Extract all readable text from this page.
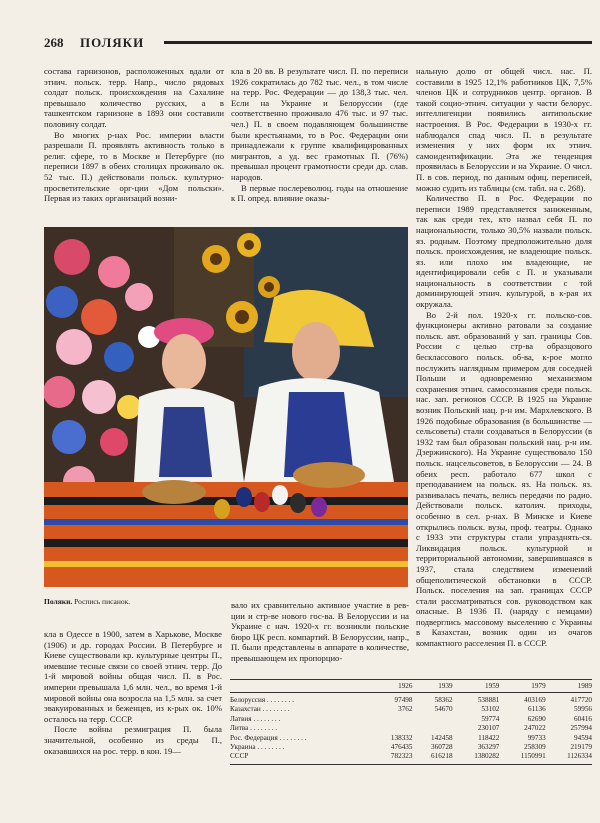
268 ПОЛЯКИ

состава гарнизонов, расположенных вдали от этнич. польск. терр. Напр., число рядовых солдат польск. происхождения на Сахалине превышало количество русских, а в ташкентском гарнизоне в 1893 они составили половину солдат.

Во многих р-нах Рос. империи власти разрешали П. проявлять активность только в религ. сфере, то в Москве и Петербурге (по переписи 1897 в обеих столицах проживало ок. 52 тыс. П.) действовали польск. культурно-просветительские орг-ции «Дом польски». Первая из таких организаций возни-

кла в 20 вв. В результате числ. П. по переписи 1926 сократилась до 782 тыс. чел., в том числе на терр. Рос. Федерации — до 138,3 тыс. чел. Если на Украине и Белоруссии (где соответственно проживало 476 тыс. и 97 тыс. чел.) П. в своем подавляющем большинстве были крестьянами, то в Рос. Федерации они принадлежали к группе квалифицированных мигрантов, а уд. вес грамотных П. (76%) превышал процент грамотности среди др. слав. народов.

В первые послереволюц. годы на отношение к П. опред. влияние оказы-

нальную долю от общей числ. нас. П. составили в 1925 12,1% работников ЦК, 7,5% членов ЦК и сотрудников центр. органов. В такой социо-этнич. ситуации у части белорус. интеллигенции появились антипольские настроения. В Рос. Федерации в 1930-х гг. наблюдался спад числ. П. в результате изменения у них форм их этнич. самоидентификации. Эта же тенденция проявилась в Белоруссии и на Украине. О числ. П. в сов. период, по данным офиц. переписей, можно судить из таблицы (см. табл. на с. 268).

Количество П. в Рос. Федерации по переписи 1989 представляется заниженным, так как среди тех, кто назвал себя П. по национальности, только 30,5% назвали польск. яз. родным. Поэтому предположительно доля польск. происхождения, не владеющие польск. яз. или плохо им владеющие, не идентифицировали себя с П. и указывали национальность в соответствии с той доминирующей этнич. культурой, в к-рая их окружала.

Во 2-й пол. 1920-х гг. польско-сов. функционеры активно ратовали за создание польск. авт. образований у зап. границы Сов. России с целью стр-ва образцового бесклассового польск. об-ва, к-рое могло послужить наглядным примером для соседней Польши и одновременно механизмом сохранения этнич. самосознания среди польск. нас. зап. регионов СССР. В 1925 на Украине возник Польский нац. р-н им. Мархлевского. В 1926 подобные образования (в большинстве — сельсоветы) стали создаваться в Белоруссии (в 1932 там был образован польский нац. р-н им. Дзержинского). На Украине существовало 150 польск. нацсельсоветов, в Белоруссии — 24. В обеих респ. работало 677 школ с преподаванием на польск. яз. На польск. яз. развивалась печать, велись передачи по радио. Действовали польск. католич. приходы, особенно в сел. р-нах. В Минске и Киеве открылись польск. вузы, проф. театры. Однако с 1933 эти структуры стали упразднять-ся. Ликвидация польск. культурной и территориальной автономии, завершившаяся в 1937, стала следствием изменений общеполитической обстановки в СССР. Польск. поселения на зап. границах СССР стали рассматриваться сов. руководством как опасные. В 1936 П. (наряду с немцами) подверглись массовому выселению с Украины в Казахстан, возник один из очагов компактного расселения П. в СССР.

Поляки. Роспись писанок.

кла в Одессе в 1900, затем в Харькове, Москве (1906) и др. городах России. В Петербурге и Киеве существовали кр. культурные центры П., имевшие тесные связи со своей этнич. терр. До 1-й мировой войны общая числ. П. в Рос. империи превышала 1,6 млн. чел., во время 1-й мировой войны она возросла на 1,5 млн. за счет эвакуированных и беженцев, из к-рых ок. 10% осталось на терр. СССР.

После войны резмиграция П. была значительной, особенно из среды П., оказавшихся на рос. терр. в кон. 19—

вало их сравнительно активное участие в рев-ции и стр-ве нового гос-ва. В Белоруссии и на Украине с нач. 1920-х гг. возникли польские бюро ЦК респ. компартий. В Белоруссии, напр., П. были представлены в аппарате в количестве, превышающем их пропорцио-

	1926	1939	1959	1979	1989
Белоруссия . . . . . . . .	97498	58362	538881	403169	417720
Казахстан . . . . . . . .	3762	54670	53102	61136	59956
Латвия . . . . . . . .			59774	62690	60416
Литва . . . . . . . .			230107	247022	257994
Рос. Федерация . . . . . . . .	138332	142458	118422	99733	94594
Украина . . . . . . . .	476435	360728	363297	258309	219179
СССР	782323	616218	1380282	1150991	1126334
